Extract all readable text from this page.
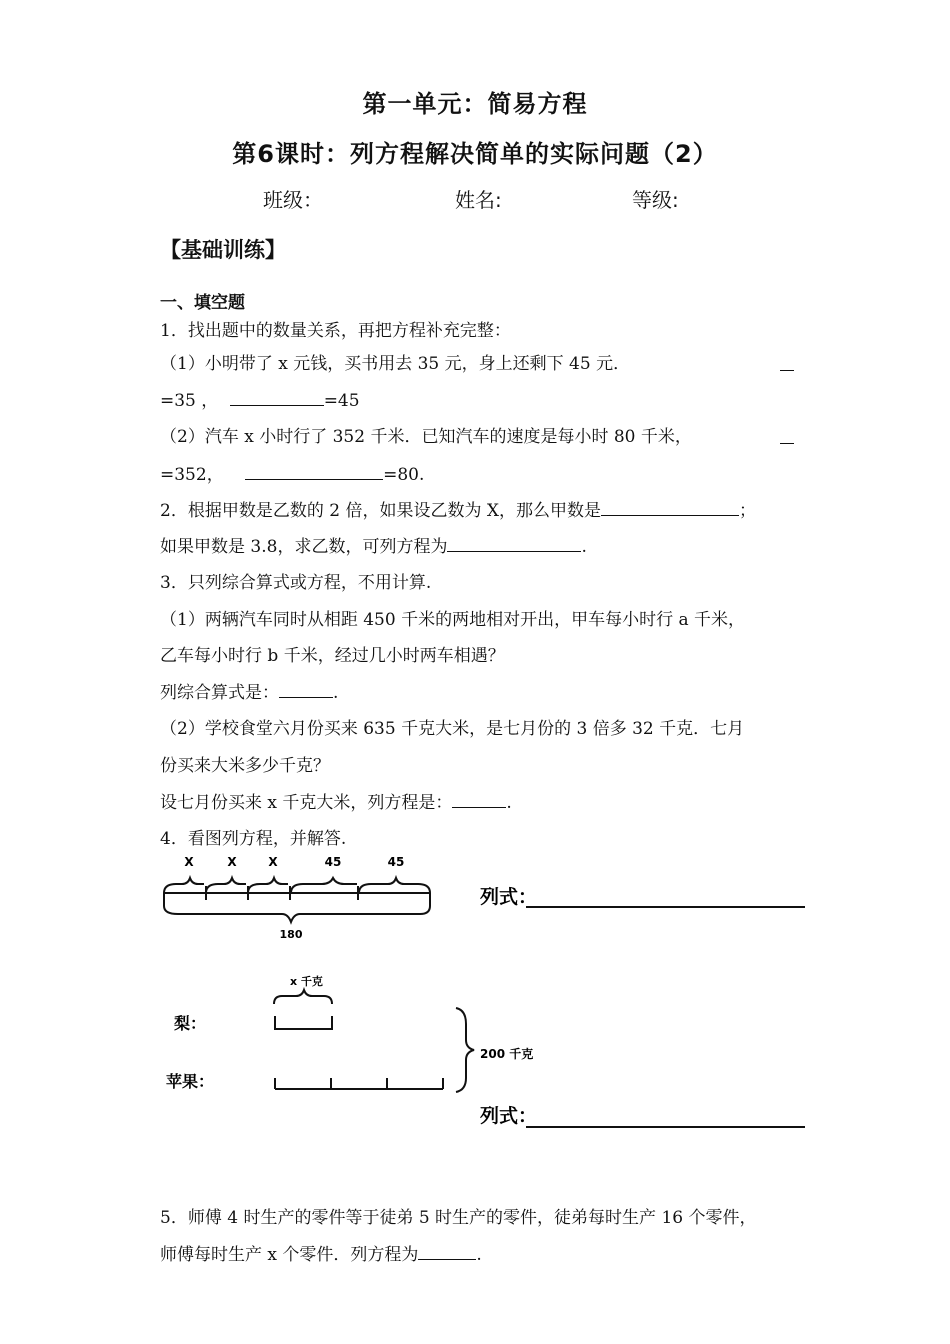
第一单元：简易方程
第6课时：列方程解决简单的实际问题（2）
班级：	姓名:	等级:
【基础训练】
一、填空题
1．找出题中的数量关系，再把方程补充完整：
（1）小明带了 x 元钱，买书用去 35 元，身上还剩下 45 元．
=35 ，	=45
（2）汽车 x 小时行了 352 千米．已知汽车的速度是每小时 80 千米，
=352，	=80.
2．根据甲数是乙数的 2 倍，如果设乙数为 X，那么甲数是	；
如果甲数是 3.8，求乙数，可列方程为	.
3．只列综合算式或方程，不用计算.
（1）两辆汽车同时从相距 450 千米的两地相对开出，甲车每小时行 a 千米，
乙车每小时行 b 千米，经过几小时两车相遇？
列综合算式是：	.
（2）学校食堂六月份买来 635 千克大米，是七月份的 3 倍多 32 千克．七月
份买来大米多少千克？
设七月份买来 x 千克大米，列方程是：	.
4．看图列方程，并解答.
X	X	X	45	45
180
列式：
x 千克
梨：
苹果：
200 千克
列式：
5．师傅 4 时生产的零件等于徒弟 5 时生产的零件，徒弟每时生产 16 个零件，
师傅每时生产 x 个零件．列方程为	.
